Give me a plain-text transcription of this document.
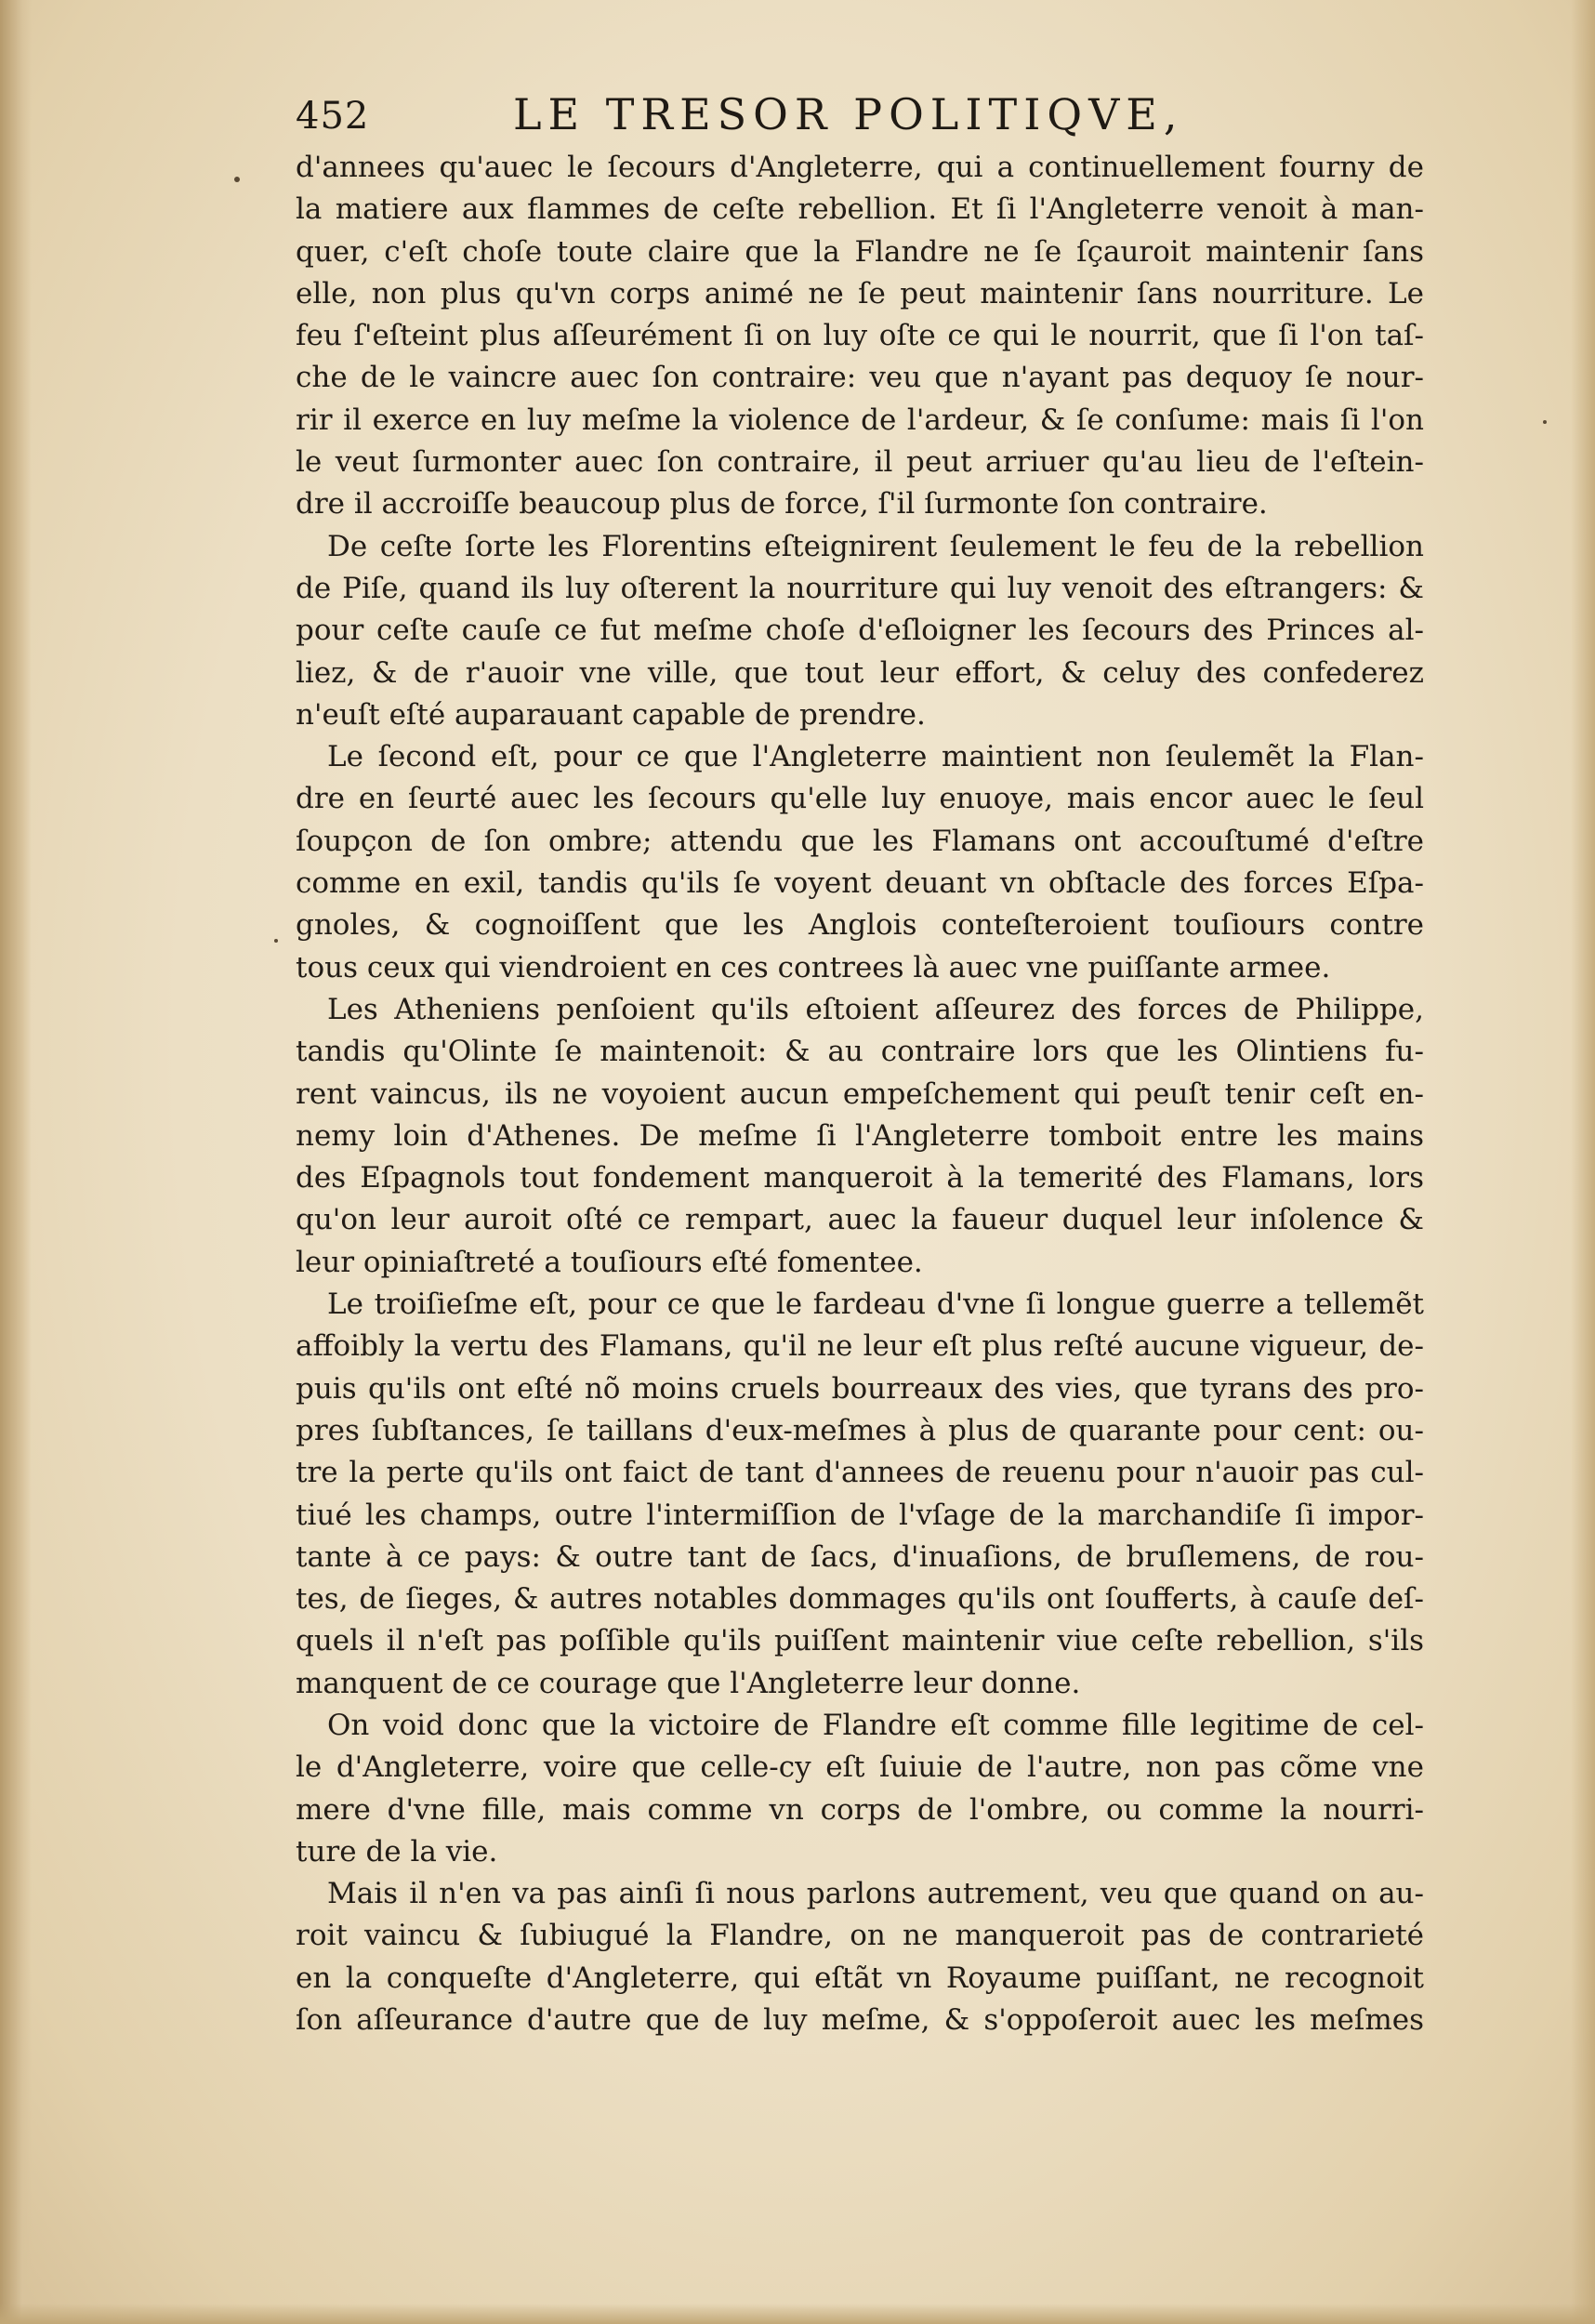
452	LE TRESOR POLITIQVE,
d'annees qu'auec le ſecours d'Angleterre, qui a continuellement fourny de
la matiere aux flammes de ceſte rebellion. Et ſi l'Angleterre venoit à man-
quer, c'eſt choſe toute claire que la Flandre ne ſe ſçauroit maintenir ſans
elle, non plus qu'vn corps animé ne ſe peut maintenir ſans nourriture. Le
feu ſ'eſteint plus aſſeurément ſi on luy oſte ce qui le nourrit, que ſi l'on taſ-
che de le vaincre auec ſon contraire: veu que n'ayant pas dequoy ſe nour-
rir il exerce en luy meſme la violence de l'ardeur, & ſe conſume: mais ſi l'on
le veut ſurmonter auec ſon contraire, il peut arriuer qu'au lieu de l'eſtein-
dre il accroiſſe beaucoup plus de force, ſ'il ſurmonte ſon contraire.
De ceſte ſorte les Florentins eſteignirent ſeulement le feu de la rebellion
de Piſe, quand ils luy oſterent la nourriture qui luy venoit des eſtrangers: &
pour ceſte cauſe ce fut meſme choſe d'eſloigner les ſecours des Princes al-
liez, & de r'auoir vne ville, que tout leur effort, & celuy des confederez
n'euſt eſté auparauant capable de prendre.
Le ſecond eſt, pour ce que l'Angleterre maintient non ſeulemẽt la Flan-
dre en ſeurté auec les ſecours qu'elle luy enuoye, mais encor auec le ſeul
ſoupçon de ſon ombre; attendu que les Flamans ont accouſtumé d'eſtre
comme en exil, tandis qu'ils ſe voyent deuant vn obſtacle des forces Eſpa-
gnoles, & cognoiſſent que les Anglois conteſteroient touſiours contre
tous ceux qui viendroient en ces contrees là auec vne puiſſante armee.
Les Atheniens penſoient qu'ils eſtoient aſſeurez des forces de Philippe,
tandis qu'Olinte ſe maintenoit: & au contraire lors que les Olintiens fu-
rent vaincus, ils ne voyoient aucun empeſchement qui peuſt tenir ceſt en-
nemy loin d'Athenes. De meſme ſi l'Angleterre tomboit entre les mains
des Eſpagnols tout fondement manqueroit à la temerité des Flamans, lors
qu'on leur auroit oſté ce rempart, auec la faueur duquel leur inſolence &
leur opiniaſtreté a touſiours eſté fomentee.
Le troiſieſme eſt, pour ce que le fardeau d'vne ſi longue guerre a tellemẽt
affoibly la vertu des Flamans, qu'il ne leur eſt plus reſté aucune vigueur, de-
puis qu'ils ont eſté nõ moins cruels bourreaux des vies, que tyrans des pro-
pres ſubſtances, ſe taillans d'eux-meſmes à plus de quarante pour cent: ou-
tre la perte qu'ils ont faict de tant d'annees de reuenu pour n'auoir pas cul-
tiué les champs, outre l'intermiſſion de l'vſage de la marchandiſe ſi impor-
tante à ce pays: & outre tant de ſacs, d'inuaſions, de bruſlemens, de rou-
tes, de ſieges, & autres notables dommages qu'ils ont ſoufferts, à cauſe deſ-
quels il n'eſt pas poſſible qu'ils puiſſent maintenir viue ceſte rebellion, s'ils
manquent de ce courage que l'Angleterre leur donne.
On void donc que la victoire de Flandre eſt comme fille legitime de cel-
le d'Angleterre, voire que celle-cy eſt ſuiuie de l'autre, non pas cõme vne
mere d'vne fille, mais comme vn corps de l'ombre, ou comme la nourri-
ture de la vie.
Mais il n'en va pas ainſi ſi nous parlons autrement, veu que quand on au-
roit vaincu & ſubiugué la Flandre, on ne manqueroit pas de contrarieté
en la conqueſte d'Angleterre, qui eſtãt vn Royaume puiſſant, ne recognoit
ſon aſſeurance d'autre que de luy meſme, & s'oppoſeroit auec les meſmes
